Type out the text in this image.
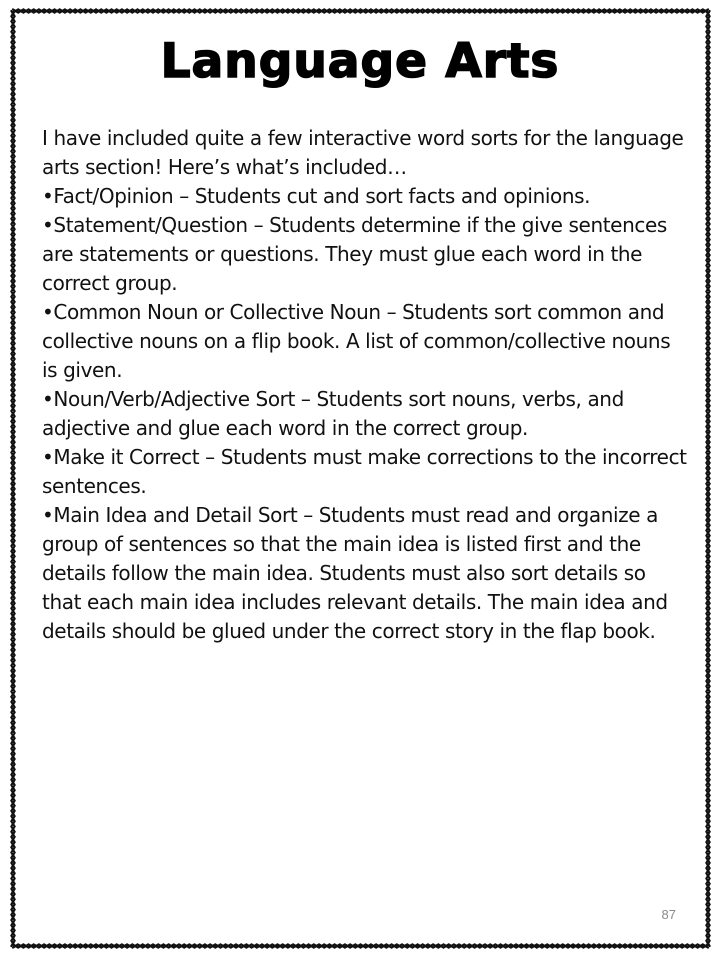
Language Arts

I have included quite a few interactive word sorts for the language arts section! Here’s what’s included…

•Fact/Opinion – Students cut and sort facts and opinions.

•Statement/Question – Students determine if the give sentences are statements or questions. They must glue each word in the correct group.

•Common Noun or Collective Noun – Students sort common and collective nouns on a flip book. A list of common/collective nouns is given.

•Noun/Verb/Adjective Sort – Students sort nouns, verbs, and adjective and glue each word in the correct group.

•Make it Correct – Students must make corrections to the incorrect sentences.

•Main Idea and Detail Sort – Students must read and organize a group of sentences so that the main idea is listed first and the details follow the main idea. Students must also sort details so that each main idea includes relevant details. The main idea and details should be glued under the correct story in the flap book.

87
